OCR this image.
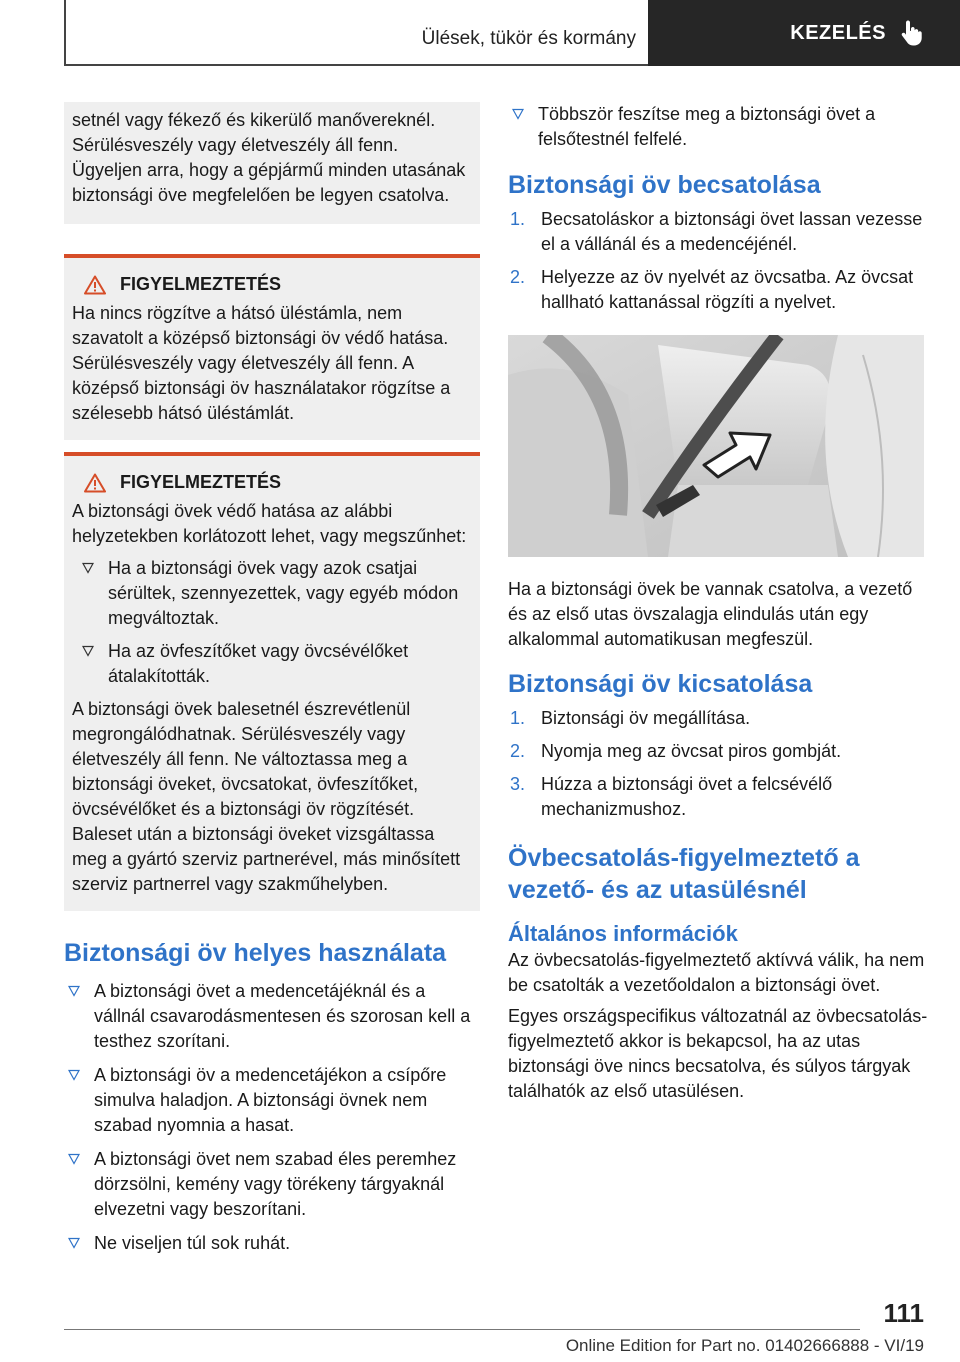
Ülések, tükör és kormány	KEZELÉS

setnél vagy fékező és kikerülő manővereknél. Sérülésveszély vagy életveszély áll fenn. Ügyeljen arra, hogy a gépjármű minden utasának biztonsági öve megfelelően be legyen csatolva.

FIGYELMEZTETÉS

Ha nincs rögzítve a hátsó üléstámla, nem szavatolt a középső biztonsági öv védő hatása. Sérülésveszély vagy életveszély áll fenn. A középső biztonsági öv használatakor rögzítse a szélesebb hátsó üléstámlát.

FIGYELMEZTETÉS

A biztonsági övek védő hatása az alábbi helyzetekben korlátozott lehet, vagy megszűnhet:

Ha a biztonsági övek vagy azok csatjai sérültek, szennyezettek, vagy egyéb módon megváltoztak.
Ha az övfeszítőket vagy övcsévélőket átalakították.

A biztonsági övek balesetnél észrevétlenül megrongálódhatnak. Sérülésveszély vagy életveszély áll fenn. Ne változtassa meg a biztonsági öveket, övcsatokat, övfeszítőket, övcsévélőket és a biztonsági öv rögzítését. Baleset után a biztonsági öveket vizsgáltassa meg a gyártó szerviz partnerével, más minősített szerviz partnerrel vagy szakműhelyben.

Biztonsági öv helyes használata
A biztonsági övet a medencetájéknál és a vállnál csavarodásmentesen és szorosan kell a testhez szorítani.
A biztonsági öv a medencetájékon a csípőre simulva haladjon. A biztonsági övnek nem szabad nyomnia a hasat.
A biztonsági övet nem szabad éles peremhez dörzsölni, kemény vagy törékeny tárgyaknál elvezetni vagy beszorítani.
Ne viseljen túl sok ruhát.
Többször feszítse meg a biztonsági övet a felsőtestnél felfelé.
Biztonsági öv becsatolása
1. Becsatoláskor a biztonsági övet lassan vezesse el a vállánál és a medencéjénél.
2. Helyezze az öv nyelvét az övcsatba. Az övcsat hallható kattanással rögzíti a nyelvet.

Ha a biztonsági övek be vannak csatolva, a vezető és az első utas övszalagja elindulás után egy alkalommal automatikusan megfeszül.

Biztonsági öv kicsatolása
1. Biztonsági öv megállítása.
2. Nyomja meg az övcsat piros gombját.
3. Húzza a biztonsági övet a felcsévélő mechanizmushoz.
Övbecsatolás-figyelmeztető a vezető- és az utasülésnél
Általános információk

Az övbecsatolás-figyelmeztető aktívvá válik, ha nem be csatolták a vezetőoldalon a biztonsági övet.

Egyes országspecifikus változatnál az övbecsatolás-figyelmeztető akkor is bekapcsol, ha az utas biztonsági öve nincs becsatolva, és súlyos tárgyak találhatók az első utasülésen.

111
Online Edition for Part no. 01402666888 - VI/19
